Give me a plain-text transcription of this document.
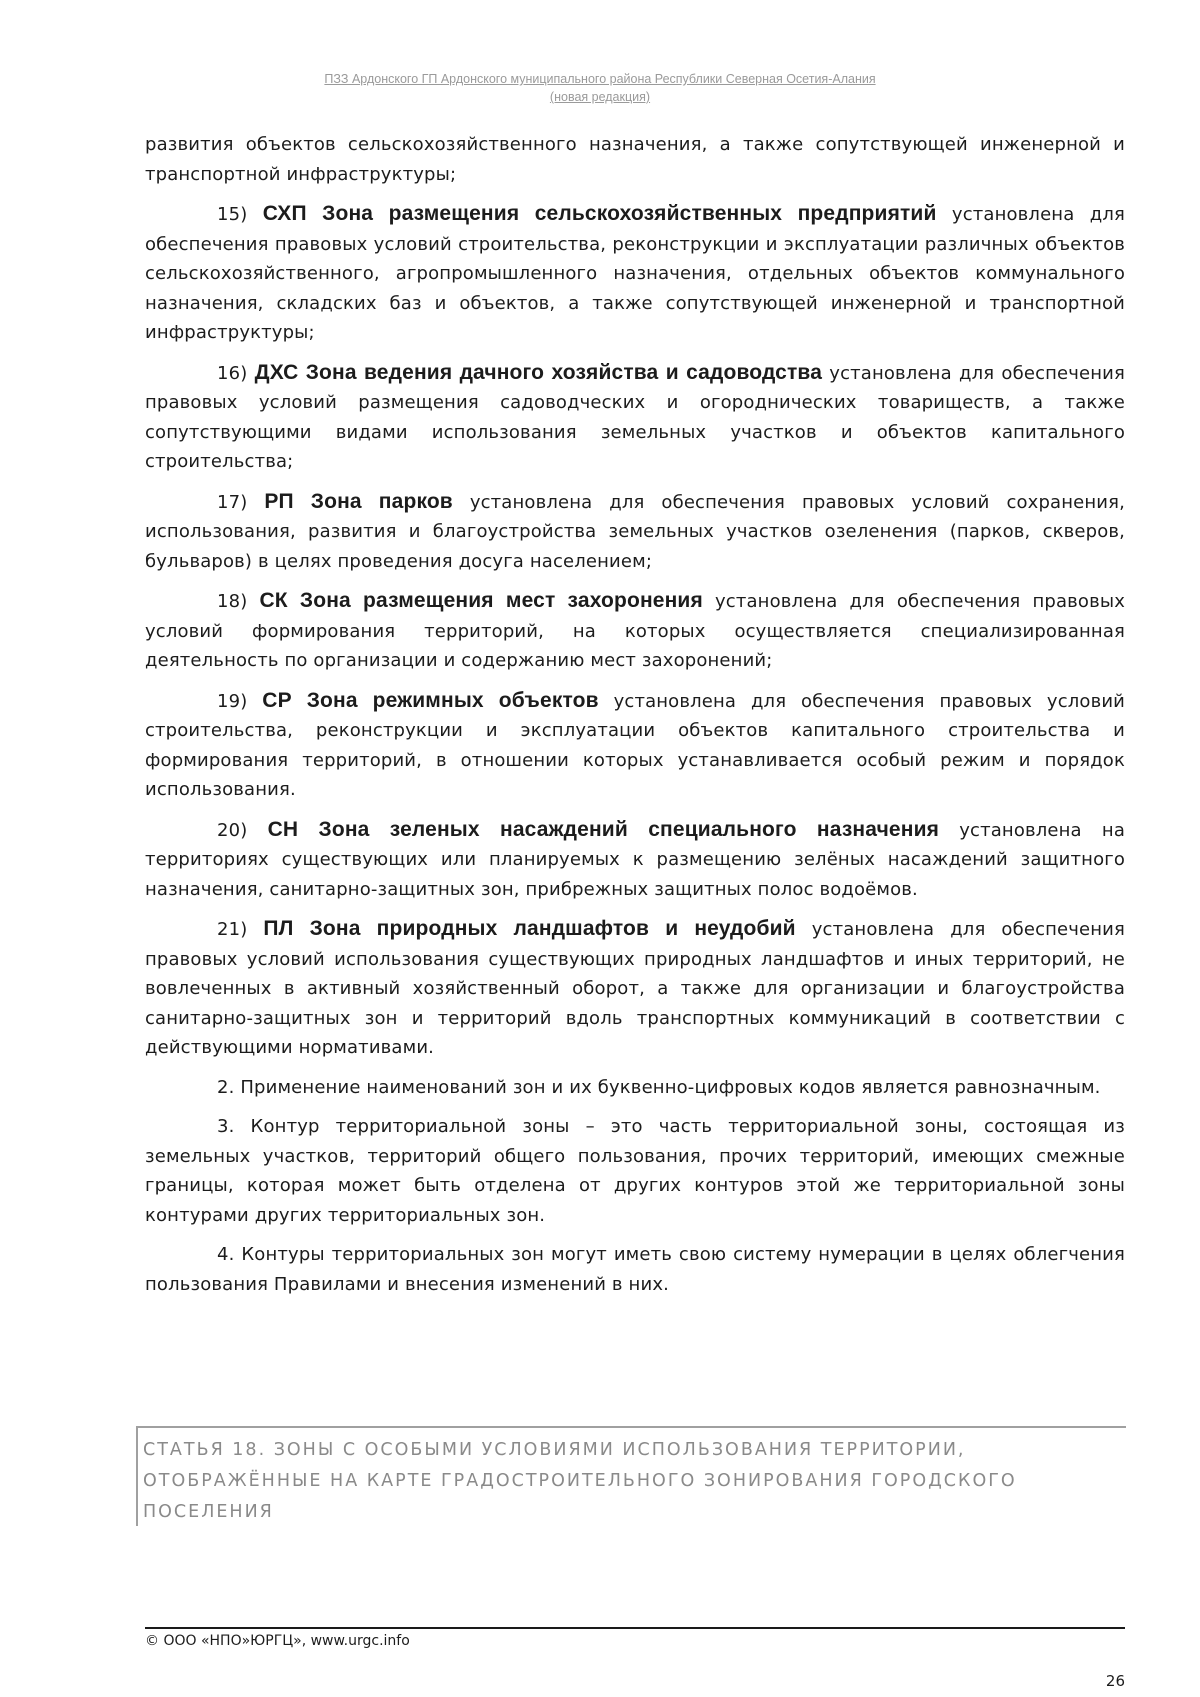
ПЗЗ Ардонского ГП Ардонского муниципального района Республики Северная Осетия-Алания
(новая редакция)

развития объектов сельскохозяйственного назначения, а также сопутствующей инженерной и транспортной инфраструктуры;

15) СХП Зона размещения сельскохозяйственных предприятий установлена для обеспечения правовых условий строительства, реконструкции и эксплуатации различных объектов сельскохозяйственного, агропромышленного назначения, отдельных объектов коммунального назначения, складских баз и объектов, а также сопутствующей инженерной и транспортной инфраструктуры;

16) ДХС Зона ведения дачного хозяйства и садоводства установлена для обеспечения правовых условий размещения садоводческих и огороднических товариществ, а также сопутствующими видами использования земельных участков и объектов капитального строительства;

17) РП Зона парков установлена для обеспечения правовых условий сохранения, использования, развития и благоустройства земельных участков озеленения (парков, скверов, бульваров) в целях проведения досуга населением;

18) СК Зона размещения мест захоронения установлена для обеспечения правовых условий формирования территорий, на которых осуществляется специализированная деятельность по организации и содержанию мест захоронений;

19) СР Зона режимных объектов установлена для обеспечения правовых условий строительства, реконструкции и эксплуатации объектов капитального строительства и формирования территорий, в отношении которых устанавливается особый режим и порядок использования.

20) СН Зона зеленых насаждений специального назначения установлена на территориях существующих или планируемых к размещению зелёных насаждений защитного назначения, санитарно-защитных зон, прибрежных защитных полос водоёмов.

21) ПЛ Зона природных ландшафтов и неудобий установлена для обеспечения правовых условий использования существующих природных ландшафтов и иных территорий, не вовлеченных в активный хозяйственный оборот, а также для организации и благоустройства санитарно-защитных зон и территорий вдоль транспортных коммуникаций в соответствии с действующими нормативами.

2. Применение наименований зон и их буквенно-цифровых кодов является равнозначным.

3. Контур территориальной зоны – это часть территориальной зоны, состоящая из земельных участков, территорий общего пользования, прочих территорий, имеющих смежные границы, которая может быть отделена от других контуров этой же территориальной зоны контурами других территориальных зон.

4. Контуры территориальных зон могут иметь свою систему нумерации в целях облегчения пользования Правилами и внесения изменений в них.

СТАТЬЯ 18. ЗОНЫ С ОСОБЫМИ УСЛОВИЯМИ ИСПОЛЬЗОВАНИЯ ТЕРРИТОРИИ, ОТОБРАЖЁННЫЕ НА КАРТЕ ГРАДОСТРОИТЕЛЬНОГО ЗОНИРОВАНИЯ ГОРОДСКОГО ПОСЕЛЕНИЯ
© ООО «НПО»ЮРГЦ», www.urgc.info
26
